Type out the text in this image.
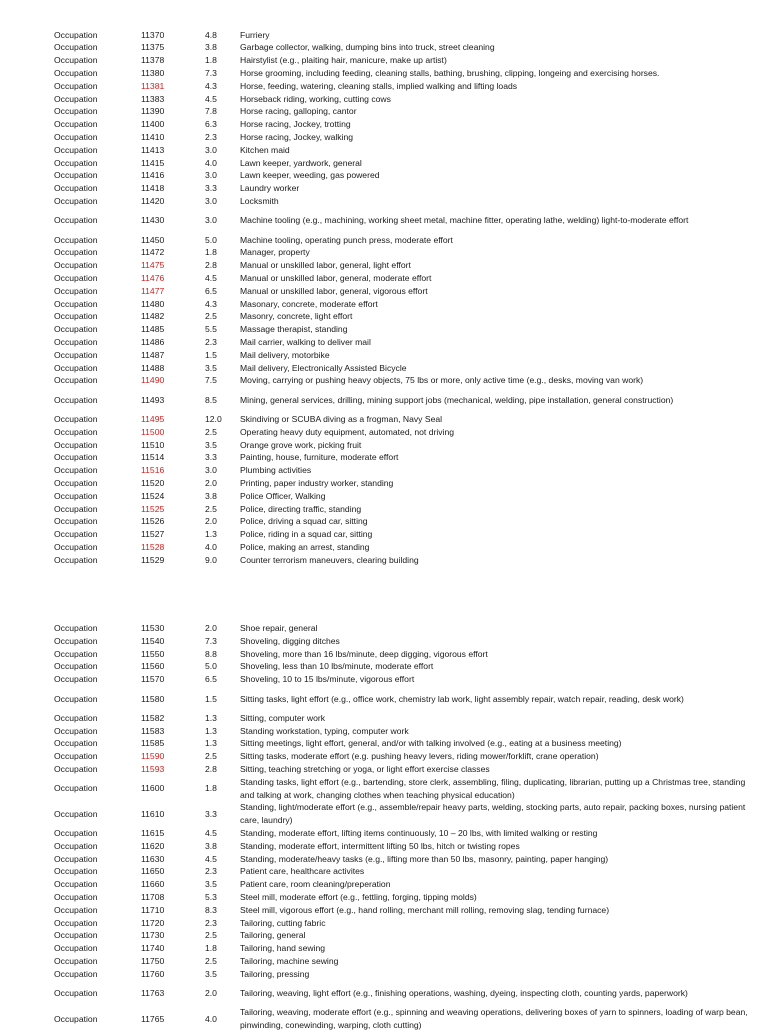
Occupation	11370	4.8	Furriery
Occupation	11375	3.8	Garbage collector, walking, dumping bins into truck, street cleaning
Occupation	11378	1.8	Hairstylist (e.g., plaiting hair, manicure, make up artist)
Occupation	11380	7.3	Horse grooming, including feeding, cleaning stalls, bathing, brushing, clipping, longeing and exercising horses.
Occupation	11381	4.3	Horse, feeding, watering, cleaning stalls, implied walking and lifting loads
Occupation	11383	4.5	Horseback riding, working, cutting cows
Occupation	11390	7.8	Horse racing, galloping, cantor
Occupation	11400	6.3	Horse racing, Jockey, trotting
Occupation	11410	2.3	Horse racing, Jockey, walking
Occupation	11413	3.0	Kitchen maid
Occupation	11415	4.0	Lawn keeper, yardwork, general
Occupation	11416	3.0	Lawn keeper, weeding, gas powered
Occupation	11418	3.3	Laundry worker
Occupation	11420	3.0	Locksmith
Occupation	11430	3.0	Machine tooling (e.g., machining, working sheet metal, machine fitter, operating lathe, welding) light-to-moderate effort
Occupation	11450	5.0	Machine tooling, operating punch press, moderate effort
Occupation	11472	1.8	Manager, property
Occupation	11475	2.8	Manual or unskilled labor, general, light effort
Occupation	11476	4.5	Manual or unskilled labor, general, moderate effort
Occupation	11477	6.5	Manual or unskilled labor, general, vigorous effort
Occupation	11480	4.3	Masonary, concrete, moderate effort
Occupation	11482	2.5	Masonry, concrete, light effort
Occupation	11485	5.5	Massage therapist, standing
Occupation	11486	2.3	Mail carrier, walking to deliver mail
Occupation	11487	1.5	Mail delivery, motorbike
Occupation	11488	3.5	Mail delivery, Electronically Assisted Bicycle
Occupation	11490	7.5	Moving, carrying or pushing heavy objects, 75 lbs or more, only active time (e.g., desks, moving van work)
Occupation	11493	8.5	Mining, general services, drilling, mining support jobs (mechanical, welding, pipe installation, general construction)
Occupation	11495	12.0 Skindiving or SCUBA diving as a frogman, Navy Seal
Occupation	11500	2.5	Operating heavy duty equipment, automated, not driving
Occupation	11510	3.5	Orange grove work, picking fruit
Occupation	11514	3.3	Painting, house, furniture, moderate effort
Occupation	11516	3.0	Plumbing activities
Occupation	11520	2.0	Printing, paper industry worker, standing
Occupation	11524	3.8	Police Officer, Walking
Occupation	11525	2.5	Police, directing traffic, standing
Occupation	11526	2.0	Police, driving a squad car, sitting
Occupation	11527	1.3	Police, riding in a squad car, sitting
Occupation	11528	4.0	Police, making an arrest, standing
Occupation	11529	9.0	Counter terrorism maneuvers, clearing building
Occupation	11530	2.0	Shoe repair, general
Occupation	11540	7.3	Shoveling, digging ditches
Occupation	11550	8.8	Shoveling, more than 16 lbs/minute, deep digging, vigorous effort
Occupation	11560	5.0	Shoveling, less than 10 lbs/minute, moderate effort
Occupation	11570	6.5	Shoveling, 10 to 15 lbs/minute, vigorous effort
Occupation	11580	1.5	Sitting tasks, light effort (e.g., office work, chemistry lab work, light assembly repair, watch repair, reading, desk work)
Occupation	11582	1.3	Sitting, computer work
Occupation	11583	1.3	Standing workstation, typing, computer work
Occupation	11585	1.3	Sitting meetings, light effort, general, and/or with talking involved (e.g., eating at a business meeting)
Occupation	11590	2.5	Sitting tasks, moderate effort (e.g. pushing heavy levers, riding mower/forklift, crane operation)
Occupation	11593	2.8	Sitting, teaching stretching or yoga, or light effort exercise classes
Occupation	11600	1.8
Standing tasks, light effort (e.g., bartending, store clerk, assembling, filing, duplicating, librarian, putting up a Christmas tree, standing and talking at work, changing clothes when teaching physical education)
Occupation	11610	3.3
Standing, light/moderate effort (e.g., assemble/repair heavy parts, welding, stocking parts, auto repair, packing boxes, nursing patient care, laundry)
Occupation	11615	4.5	Standing, moderate effort, lifting items continuously, 10 – 20 lbs, with limited walking or resting
Occupation	11620	3.8	Standing, moderate effort, intermittent lifting 50 lbs, hitch or twisting ropes
Occupation	11630	4.5	Standing, moderate/heavy tasks (e.g., lifting more than 50 lbs, masonry, painting, paper hanging)
Occupation	11650	2.3	Patient care, healthcare activites
Occupation	11660	3.5	Patient care, room cleaning/preperation
Occupation	11708	5.3	Steel mill, moderate effort (e.g., fettling, forging, tipping molds)
Occupation	11710	8.3	Steel mill, vigorous effort (e.g., hand rolling, merchant mill rolling, removing slag, tending furnace)
Occupation	11720	2.3	Tailoring, cutting fabric
Occupation	11730	2.5	Tailoring, general
Occupation	11740	1.8	Tailoring, hand sewing
Occupation	11750	2.5	Tailoring, machine sewing
Occupation	11760	3.5	Tailoring, pressing
Occupation	11763	2.0	Tailoring, weaving, light effort (e.g., finishing operations, washing, dyeing, inspecting cloth, counting yards, paperwork)
Occupation	11765	4.0
Tailoring, weaving, moderate effort (e.g., spinning and weaving operations, delivering boxes of yarn to spinners, loading of warp bean, pinwinding, conewinding, warping, cloth cutting)
